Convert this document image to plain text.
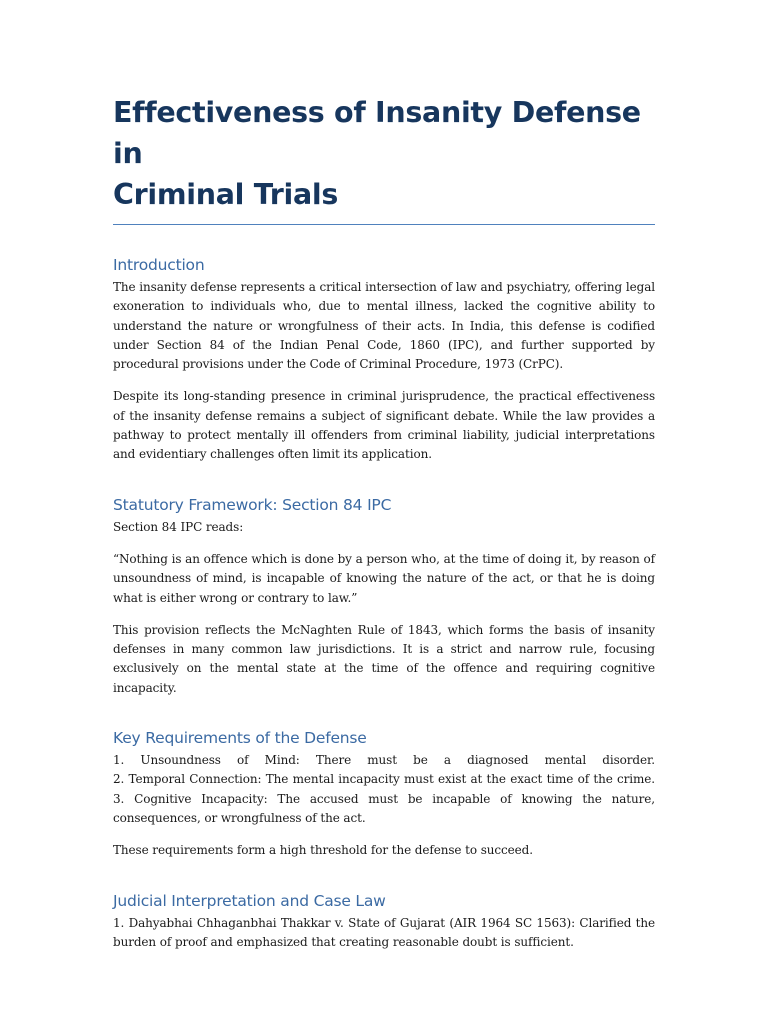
Effectiveness of Insanity Defense in
Criminal Trials
Introduction

The insanity defense represents a critical intersection of law and psychiatry, offering legal exoneration to individuals who, due to mental illness, lacked the cognitive ability to understand the nature or wrongfulness of their acts. In India, this defense is codified under Section 84 of the Indian Penal Code, 1860 (IPC), and further supported by procedural provisions under the Code of Criminal Procedure, 1973 (CrPC).

Despite its long-standing presence in criminal jurisprudence, the practical effectiveness of the insanity defense remains a subject of significant debate. While the law provides a pathway to protect mentally ill offenders from criminal liability, judicial interpretations and evidentiary challenges often limit its application.

Statutory Framework: Section 84 IPC

Section 84 IPC reads:

“Nothing is an offence which is done by a person who, at the time of doing it, by reason of unsoundness of mind, is incapable of knowing the nature of the act, or that he is doing what is either wrong or contrary to law.”

This provision reflects the McNaghten Rule of 1843, which forms the basis of insanity defenses in many common law jurisdictions. It is a strict and narrow rule, focusing exclusively on the mental state at the time of the offence and requiring cognitive incapacity.

Key Requirements of the Defense

1. Unsoundness of Mind: There must be a diagnosed mental disorder.

2. Temporal Connection: The mental incapacity must exist at the exact time of the crime.

3. Cognitive Incapacity: The accused must be incapable of knowing the nature,

consequences, or wrongfulness of the act.

These requirements form a high threshold for the defense to succeed.

Judicial Interpretation and Case Law

1. Dahyabhai Chhaganbhai Thakkar v. State of Gujarat (AIR 1964 SC 1563): Clarified the burden of proof and emphasized that creating reasonable doubt is sufficient.
